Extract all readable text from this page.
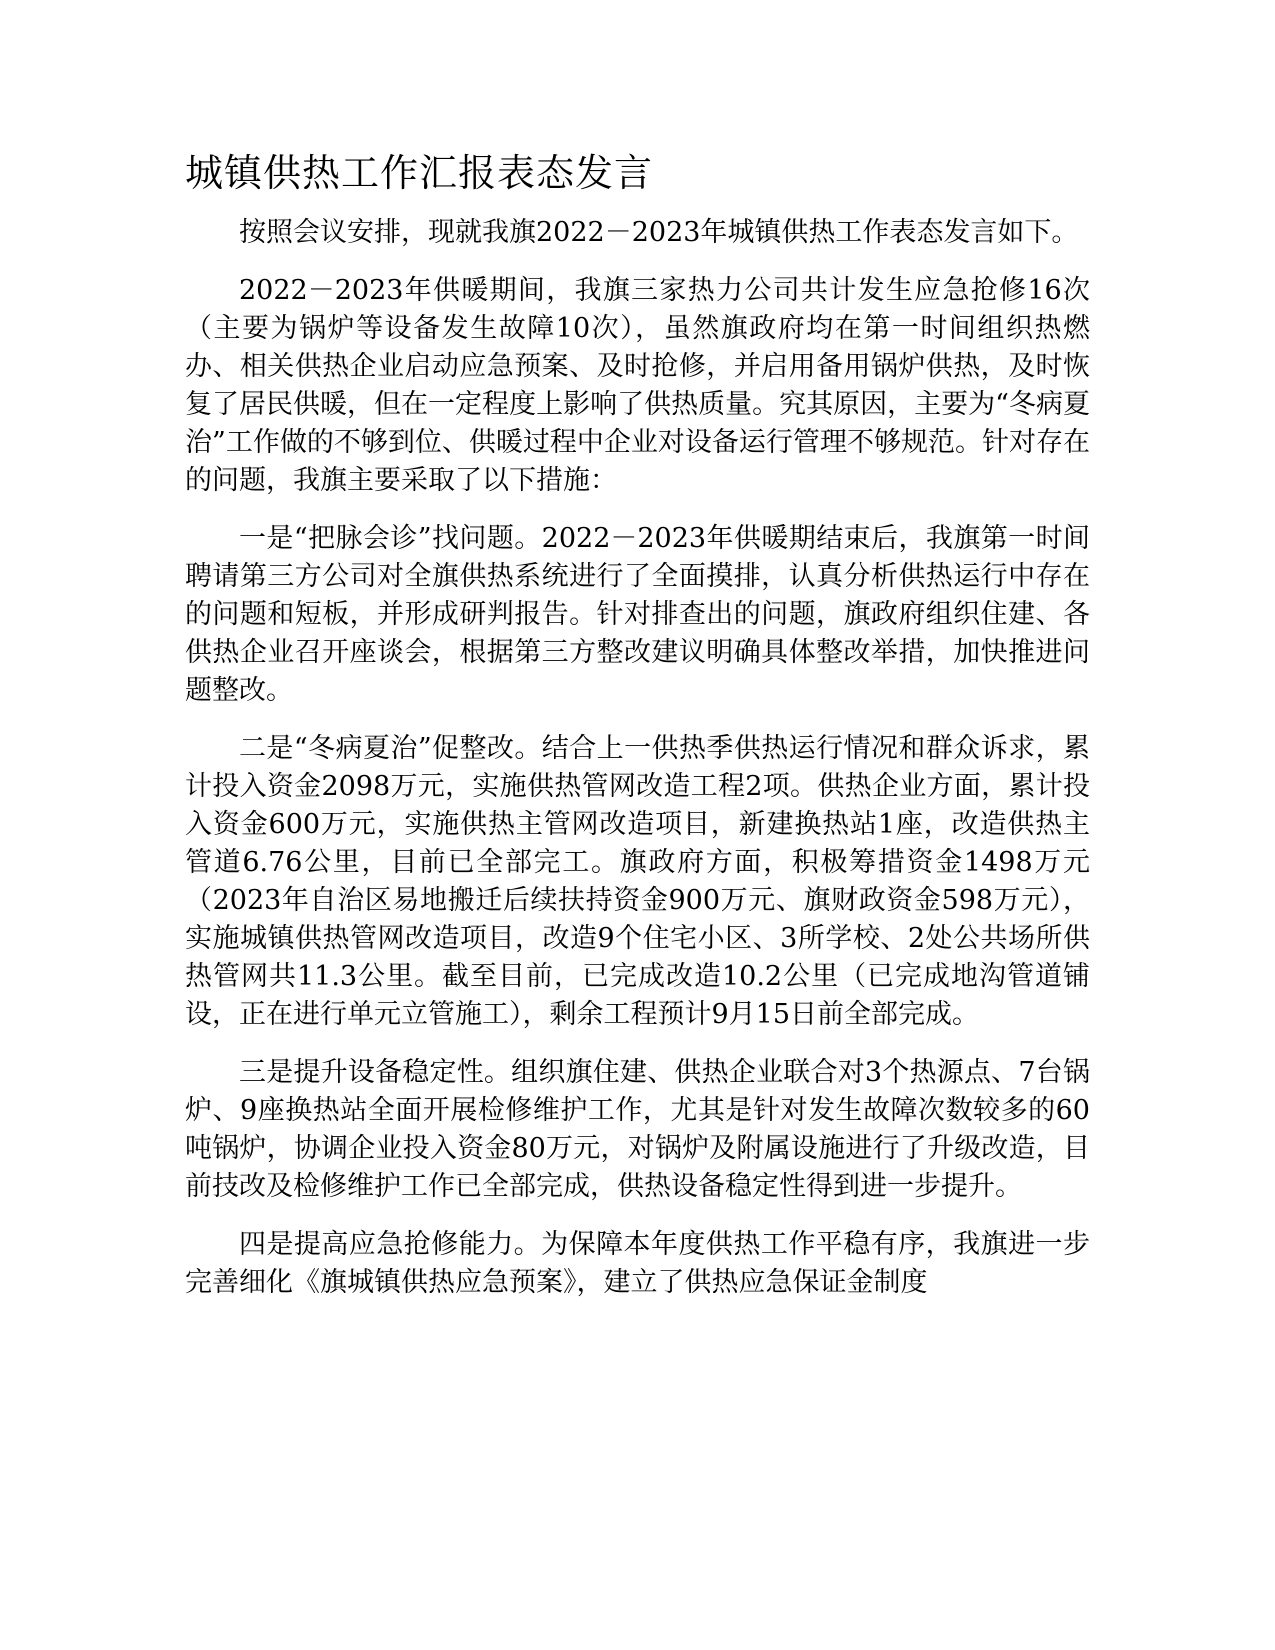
城镇供热工作汇报表态发言

按照会议安排，现就我旗2022－2023年城镇供热工作表态发言如下。

2022－2023年供暖期间，我旗三家热力公司共计发生应急抢修16次（主要为锅炉等设备发生故障10次），虽然旗政府均在第一时间组织热燃办、相关供热企业启动应急预案、及时抢修，并启用备用锅炉供热，及时恢复了居民供暖，但在一定程度上影响了供热质量。究其原因，主要为“冬病夏治”工作做的不够到位、供暖过程中企业对设备运行管理不够规范。针对存在的问题，我旗主要采取了以下措施：

一是“把脉会诊”找问题。2022－2023年供暖期结束后，我旗第一时间聘请第三方公司对全旗供热系统进行了全面摸排，认真分析供热运行中存在的问题和短板，并形成研判报告。针对排查出的问题，旗政府组织住建、各供热企业召开座谈会，根据第三方整改建议明确具体整改举措，加快推进问题整改。

二是“冬病夏治”促整改。结合上一供热季供热运行情况和群众诉求，累计投入资金2098万元，实施供热管网改造工程2项。供热企业方面，累计投入资金600万元，实施供热主管网改造项目，新建换热站1座，改造供热主管道6.76公里，目前已全部完工。旗政府方面，积极筹措资金1498万元（2023年自治区易地搬迁后续扶持资金900万元、旗财政资金598万元），实施城镇供热管网改造项目，改造9个住宅小区、3所学校、2处公共场所供热管网共11.3公里。截至目前，已完成改造10.2公里（已完成地沟管道铺设，正在进行单元立管施工），剩余工程预计9月15日前全部完成。

三是提升设备稳定性。组织旗住建、供热企业联合对3个热源点、7台锅炉、9座换热站全面开展检修维护工作，尤其是针对发生故障次数较多的60吨锅炉，协调企业投入资金80万元，对锅炉及附属设施进行了升级改造，目前技改及检修维护工作已全部完成，供热设备稳定性得到进一步提升。

四是提高应急抢修能力。为保障本年度供热工作平稳有序，我旗进一步完善细化《旗城镇供热应急预案》，建立了供热应急保证金制度
